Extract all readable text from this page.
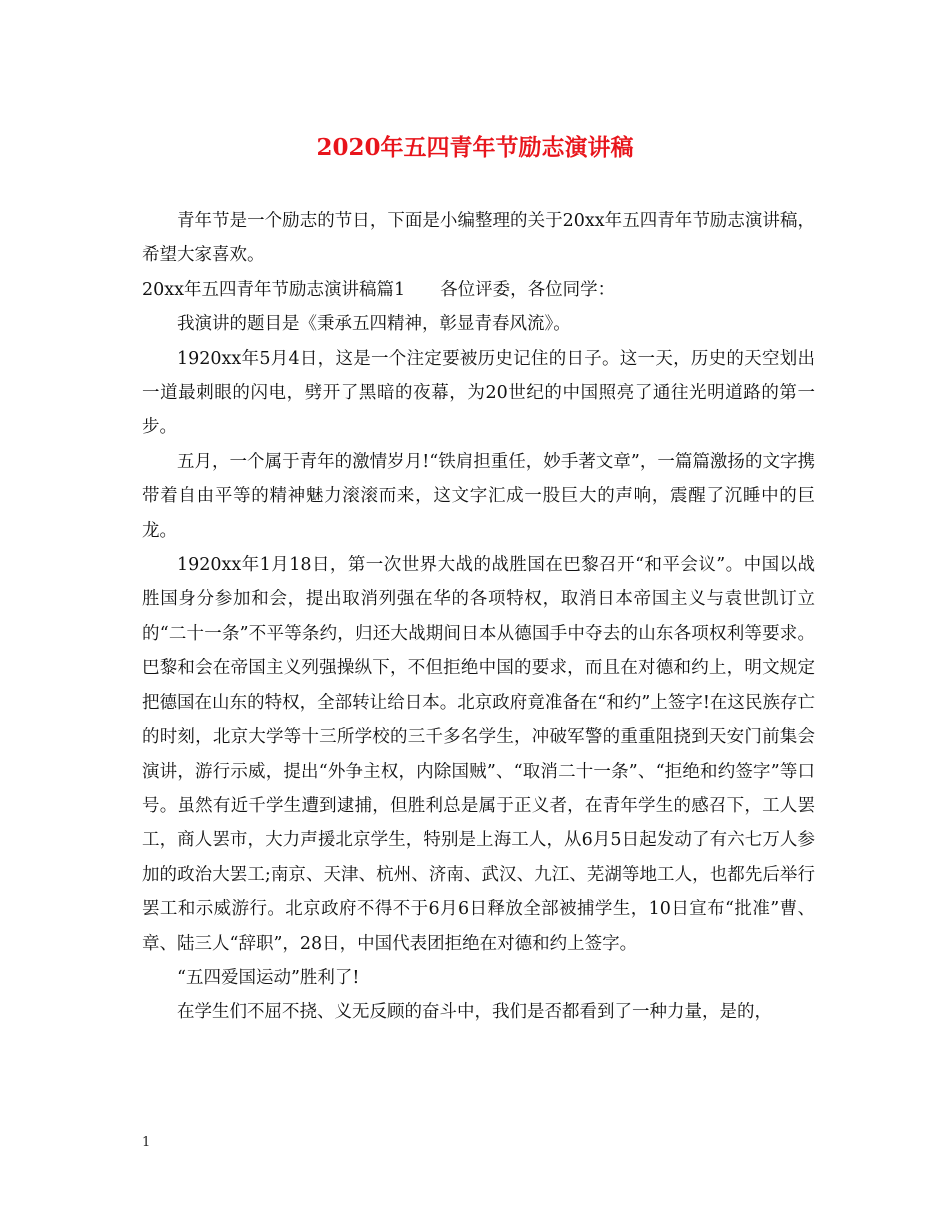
2020年五四青年节励志演讲稿

青年节是一个励志的节日，下面是小编整理的关于20xx年五四青年节励志演讲稿，希望大家喜欢。

20xx年五四青年节励志演讲稿篇1　　各位评委，各位同学：

我演讲的题目是《秉承五四精神，彰显青春风流》。

1920xx年5月4日，这是一个注定要被历史记住的日子。这一天，历史的天空划出一道最刺眼的闪电，劈开了黑暗的夜幕，为20世纪的中国照亮了通往光明道路的第一步。

五月，一个属于青年的激情岁月!“铁肩担重任，妙手著文章”，一篇篇激扬的文字携带着自由平等的精神魅力滚滚而来，这文字汇成一股巨大的声响，震醒了沉睡中的巨龙。

1920xx年1月18日，第一次世界大战的战胜国在巴黎召开“和平会议”。中国以战胜国身分参加和会，提出取消列强在华的各项特权，取消日本帝国主义与袁世凯订立的“二十一条”不平等条约，归还大战期间日本从德国手中夺去的山东各项权利等要求。巴黎和会在帝国主义列强操纵下，不但拒绝中国的要求，而且在对德和约上，明文规定把德国在山东的特权，全部转让给日本。北京政府竟准备在“和约”上签字!在这民族存亡的时刻，北京大学等十三所学校的三千多名学生，冲破军警的重重阻挠到天安门前集会演讲，游行示威，提出“外争主权，内除国贼”、“取消二十一条”、“拒绝和约签字”等口号。虽然有近千学生遭到逮捕，但胜利总是属于正义者，在青年学生的感召下，工人罢工，商人罢市，大力声援北京学生，特别是上海工人，从6月5日起发动了有六七万人参加的政治大罢工;南京、天津、杭州、济南、武汉、九江、芜湖等地工人，也都先后举行罢工和示威游行。北京政府不得不于6月6日释放全部被捕学生，10日宣布“批准”曹、章、陆三人“辞职”，28日，中国代表团拒绝在对德和约上签字。

“五四爱国运动”胜利了!

在学生们不屈不挠、义无反顾的奋斗中，我们是否都看到了一种力量，是的，

1
